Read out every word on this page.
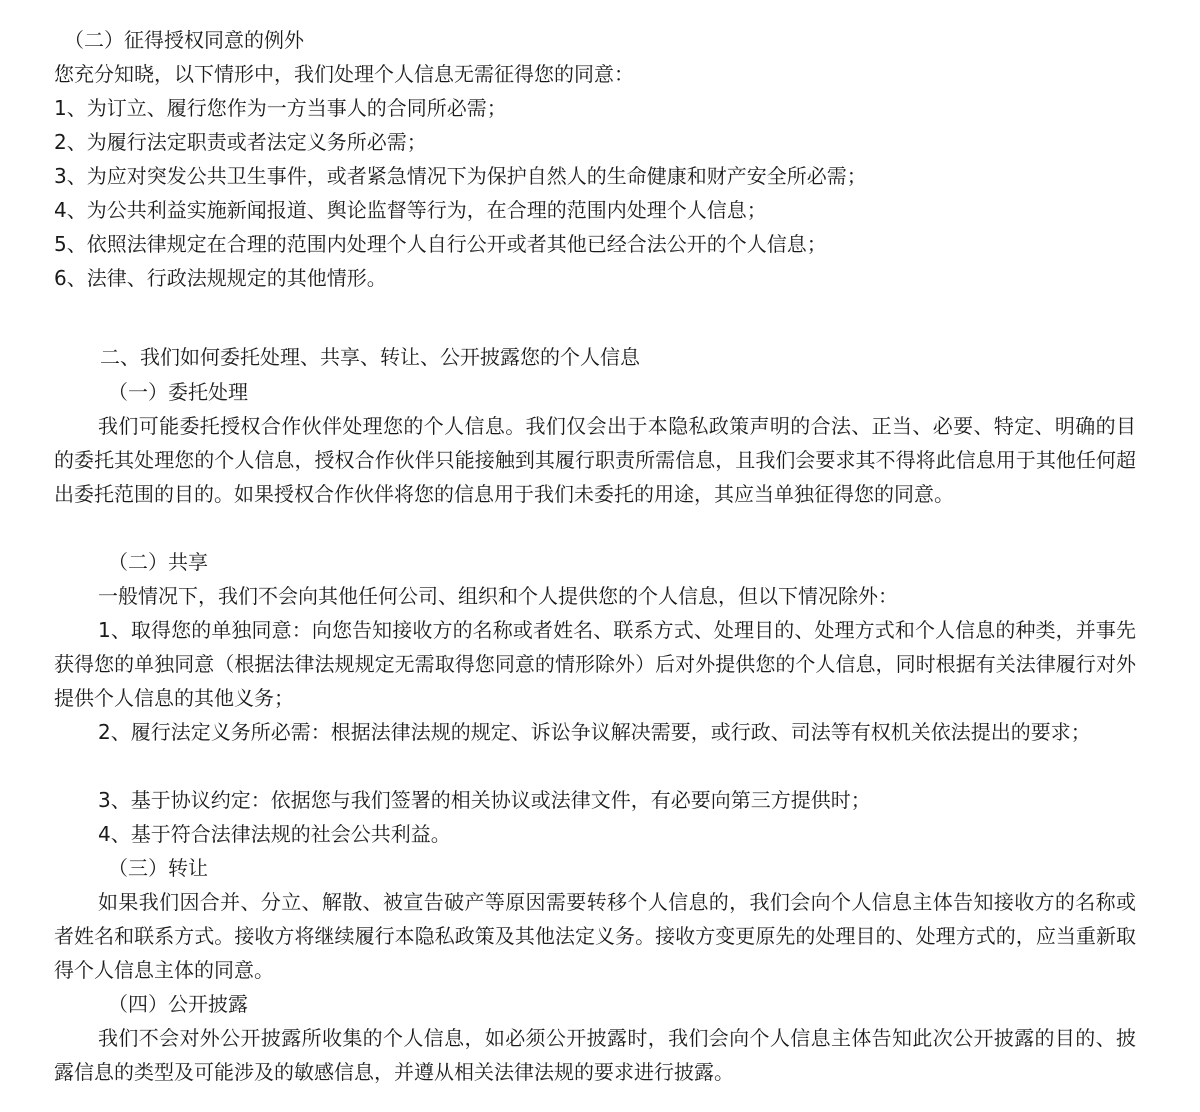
（二）征得授权同意的例外
您充分知晓，以下情形中，我们处理个人信息无需征得您的同意：
1、为订立、履行您作为一方当事人的合同所必需；
2、为履行法定职责或者法定义务所必需；
3、为应对突发公共卫生事件，或者紧急情况下为保护自然人的生命健康和财产安全所必需；
4、为公共利益实施新闻报道、舆论监督等行为，在合理的范围内处理个人信息；
5、依照法律规定在合理的范围内处理个人自行公开或者其他已经合法公开的个人信息；
6、法律、行政法规规定的其他情形。
二、我们如何委托处理、共享、转让、公开披露您的个人信息
（一）委托处理
我们可能委托授权合作伙伴处理您的个人信息。我们仅会出于本隐私政策声明的合法、正当、必要、特定、明确的目的委托其处理您的个人信息，授权合作伙伴只能接触到其履行职责所需信息，且我们会要求其不得将此信息用于其他任何超出委托范围的目的。如果授权合作伙伴将您的信息用于我们未委托的用途，其应当单独征得您的同意。
（二）共享
一般情况下，我们不会向其他任何公司、组织和个人提供您的个人信息，但以下情况除外：
1、取得您的单独同意：向您告知接收方的名称或者姓名、联系方式、处理目的、处理方式和个人信息的种类，并事先获得您的单独同意（根据法律法规规定无需取得您同意的情形除外）后对外提供您的个人信息，同时根据有关法律履行对外提供个人信息的其他义务；
2、履行法定义务所必需：根据法律法规的规定、诉讼争议解决需要，或行政、司法等有权机关依法提出的要求；
3、基于协议约定：依据您与我们签署的相关协议或法律文件，有必要向第三方提供时；
4、基于符合法律法规的社会公共利益。
（三）转让
如果我们因合并、分立、解散、被宣告破产等原因需要转移个人信息的，我们会向个人信息主体告知接收方的名称或者姓名和联系方式。接收方将继续履行本隐私政策及其他法定义务。接收方变更原先的处理目的、处理方式的，应当重新取得个人信息主体的同意。
（四）公开披露
我们不会对外公开披露所收集的个人信息，如必须公开披露时，我们会向个人信息主体告知此次公开披露的目的、披露信息的类型及可能涉及的敏感信息，并遵从相关法律法规的要求进行披露。
